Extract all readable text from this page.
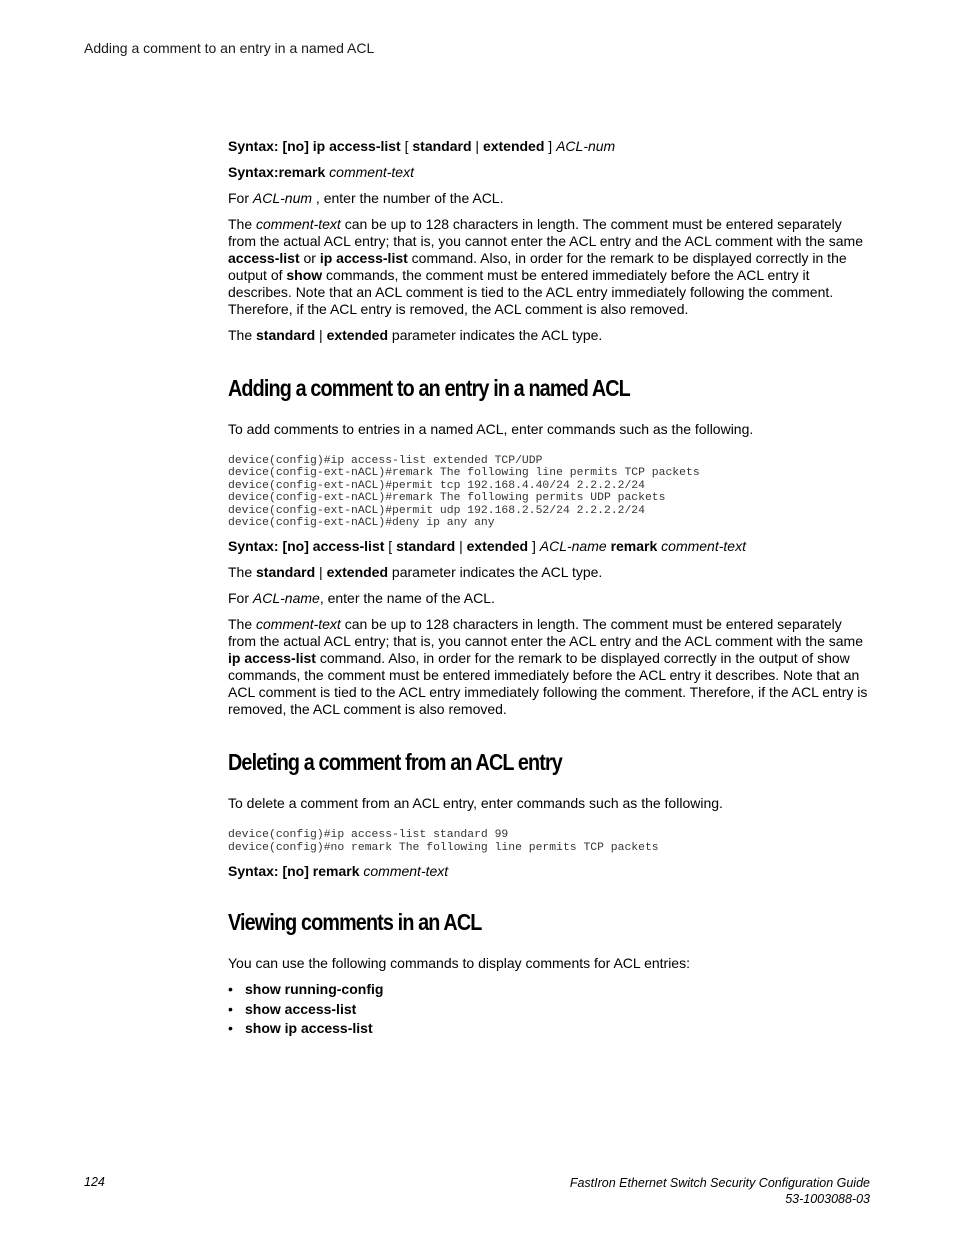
Adding a comment to an entry in a named ACL

Syntax: [no] ip access-list [ standard | extended ] ACL-num

Syntax:remark comment-text

For ACL-num , enter the number of the ACL.

The comment-text can be up to 128 characters in length. The comment must be entered separately from the actual ACL entry; that is, you cannot enter the ACL entry and the ACL comment with the same access-list or ip access-list command. Also, in order for the remark to be displayed correctly in the output of show commands, the comment must be entered immediately before the ACL entry it describes. Note that an ACL comment is tied to the ACL entry immediately following the comment. Therefore, if the ACL entry is removed, the ACL comment is also removed.

The standard | extended parameter indicates the ACL type.

Adding a comment to an entry in a named ACL

To add comments to entries in a named ACL, enter commands such as the following.

device(config)#ip access-list extended TCP/UDP
device(config-ext-nACL)#remark The following line permits TCP packets
device(config-ext-nACL)#permit tcp 192.168.4.40/24 2.2.2.2/24
device(config-ext-nACL)#remark The following permits UDP packets
device(config-ext-nACL)#permit udp 192.168.2.52/24 2.2.2.2/24
device(config-ext-nACL)#deny ip any any

Syntax: [no] access-list [ standard | extended ] ACL-name remark comment-text

The standard | extended parameter indicates the ACL type.

For ACL-name, enter the name of the ACL.

The comment-text can be up to 128 characters in length. The comment must be entered separately from the actual ACL entry; that is, you cannot enter the ACL entry and the ACL comment with the same ip access-list command. Also, in order for the remark to be displayed correctly in the output of show commands, the comment must be entered immediately before the ACL entry it describes. Note that an ACL comment is tied to the ACL entry immediately following the comment. Therefore, if the ACL entry is removed, the ACL comment is also removed.

Deleting a comment from an ACL entry

To delete a comment from an ACL entry, enter commands such as the following.

device(config)#ip access-list standard 99
device(config)#no remark The following line permits TCP packets

Syntax: [no] remark comment-text

Viewing comments in an ACL

You can use the following commands to display comments for ACL entries:

• show running-config
• show access-list
• show ip access-list
124	FastIron Ethernet Switch Security Configuration Guide
53-1003088-03
